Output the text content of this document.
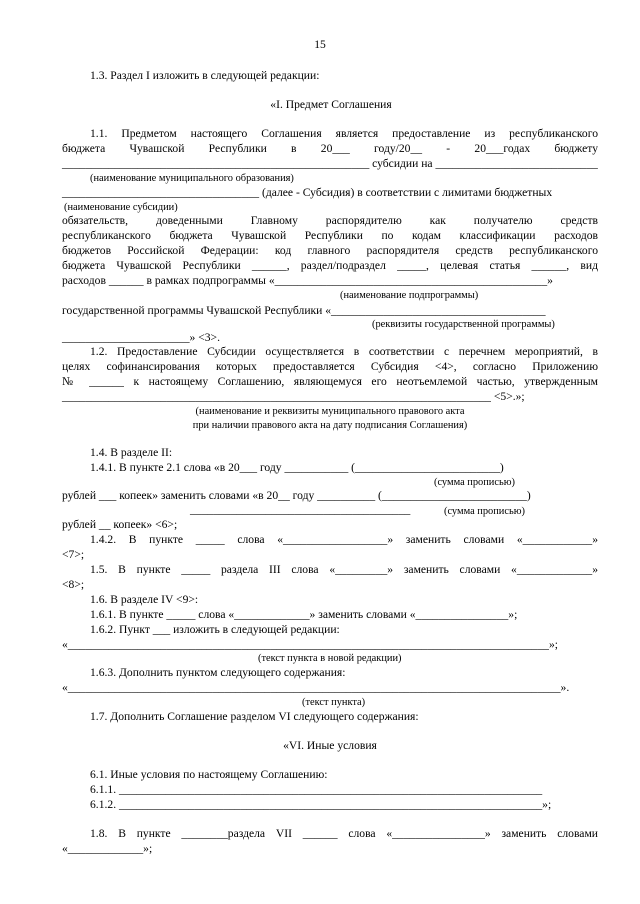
15
1.3. Раздел I изложить в следующей редакции:
«I. Предмет Соглашения
1.1. Предметом настоящего Соглашения является предоставление из республиканского
бюджета Чувашской Республики в 20___ году/20__ - 20___годах бюджету
_____________________________________________________ субсидии на ____________________________
(наименование муниципального образования)
__________________________________ (далее - Субсидия) в соответствии с лимитами бюджетных
(наименование субсидии)
обязательств, доведенными Главному распорядителю как получателю средств
республиканского бюджета Чувашской Республики по кодам классификации расходов
бюджетов Российской Федерации: код главного распорядителя средств республиканского
бюджета Чувашской Республики ______, раздел/подраздел _____, целевая статья ______, вид
расходов ______ в рамках подпрограммы «_______________________________________________»
(наименование подпрограммы)
государственной программы Чувашской Республики «_____________________________________
(реквизиты государственной программы)
______________________» <3>.
1.2. Предоставление Субсидии осуществляется в соответствии с перечнем мероприятий, в
целях софинансирования которых предоставляется Субсидия <4>, согласно Приложению
№ ______ к настоящему Соглашению, являющемуся его неотъемлемой частью, утвержденным
__________________________________________________________________________ <5>.»;
(наименование и реквизиты муниципального правового акта
при наличии правового акта на дату подписания Соглашения)
1.4. В разделе II:
1.4.1. В пункте 2.1 слова «в 20___ году ___________ (_________________________)
(сумма прописью)
рублей ___ копеек» заменить словами «в 20__ году __________ (_________________________)
______________________________________	(сумма прописью)
рублей __ копеек» <6>;
1.4.2. В пункте _____ слова «__________________» заменить словами «____________»
<7>;
1.5. В пункте _____ раздела III слова «_________» заменить словами «_____________»
<8>;
1.6. В разделе IV <9>:
1.6.1. В пункте _____ слова «_____________» заменить словами «________________»;
1.6.2. Пункт ___ изложить в следующей редакции:
«___________________________________________________________________________________»;
(текст пункта в новой редакции)
1.6.3. Дополнить пунктом следующего содержания:
«_____________________________________________________________________________________».
(текст пункта)
1.7. Дополнить Соглашение разделом VI следующего содержания:
«VI. Иные условия
6.1. Иные условия по настоящему Соглашению:
6.1.1. _________________________________________________________________________
6.1.2. _________________________________________________________________________»;
1.8. В пункте ________раздела VII ______ слова «________________» заменить словами
«_____________»;
